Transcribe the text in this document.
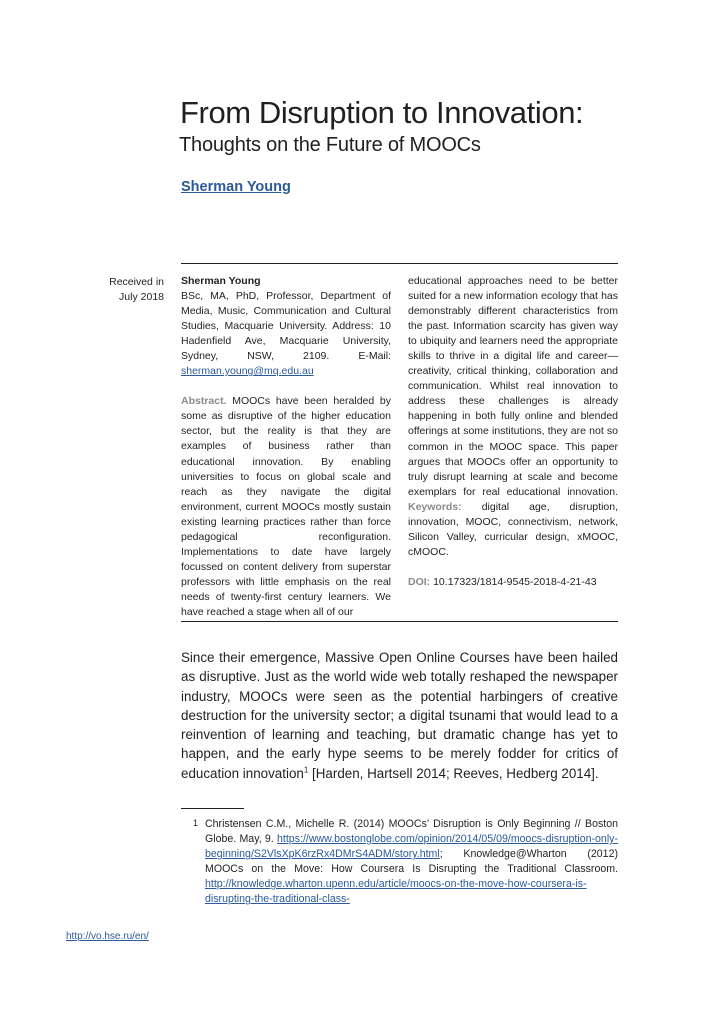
From Disruption to Innovation:
Thoughts on the Future of MOOCs
Sherman Young
Received in
July 2018

Sherman Young
BSc, MA, PhD, Professor, Department of Media, Music, Communication and Cultural Studies, Macquarie University. Address: 10 Hadenfield Ave, Macquarie University, Sydney, NSW, 2109. E-Mail: sherman.young@mq.edu.au

Abstract. MOOCs have been heralded by some as disruptive of the higher education sector, but the reality is that they are examples of business rather than educational innovation. By enabling universities to focus on global scale and reach as they navigate the digital environment, current MOOCs mostly sustain existing learning practices rather than force pedagogical reconfiguration. Implementations to date have largely focussed on content delivery from superstar professors with little emphasis on the real needs of twenty-first century learners. We have reached a stage when all of our

educational approaches need to be better suited for a new information ecology that has demonstrably different characteristics from the past. Information scarcity has given way to ubiquity and learners need the appropriate skills to thrive in a digital life and career—creativity, critical thinking, collaboration and communication. Whilst real innovation to address these challenges is already happening in both fully online and blended offerings at some institutions, they are not so common in the MOOC space. This paper argues that MOOCs offer an opportunity to truly disrupt learning at scale and become exemplars for real educational innovation. Keywords: digital age, disruption, innovation, MOOC, connectivism, network, Silicon Valley, curricular design, xMOOC, cMOOC.

DOI: 10.17323/1814-9545-2018-4-21-43

Since their emergence, Massive Open Online Courses have been hailed as disruptive. Just as the world wide web totally reshaped the newspaper industry, MOOCs were seen as the potential harbingers of creative destruction for the university sector; a digital tsunami that would lead to a reinvention of learning and teaching, but dramatic change has yet to happen, and the early hype seems to be merely fodder for critics of education innovation$^1$ [Harden, Hartsell 2014; Reeves, Hedberg 2014].
1 Christensen C.M., Michelle R. (2014) MOOCs’ Disruption is Only Beginning // Boston Globe. May, 9. https://www.bostonglobe.com/opinion/2014/05/09/moocs-disruption-only-beginning/S2VlsXpK6rzRx4DMrS4ADM/story.html; Knowledge@Wharton (2012) MOOCs on the Move: How Coursera Is Disrupting the Traditional Classroom. http://knowledge.wharton.upenn.edu/article/moocs-on-the-move-how-coursera-is-disrupting-the-traditional-class-

http://vo.hse.ru/en/
